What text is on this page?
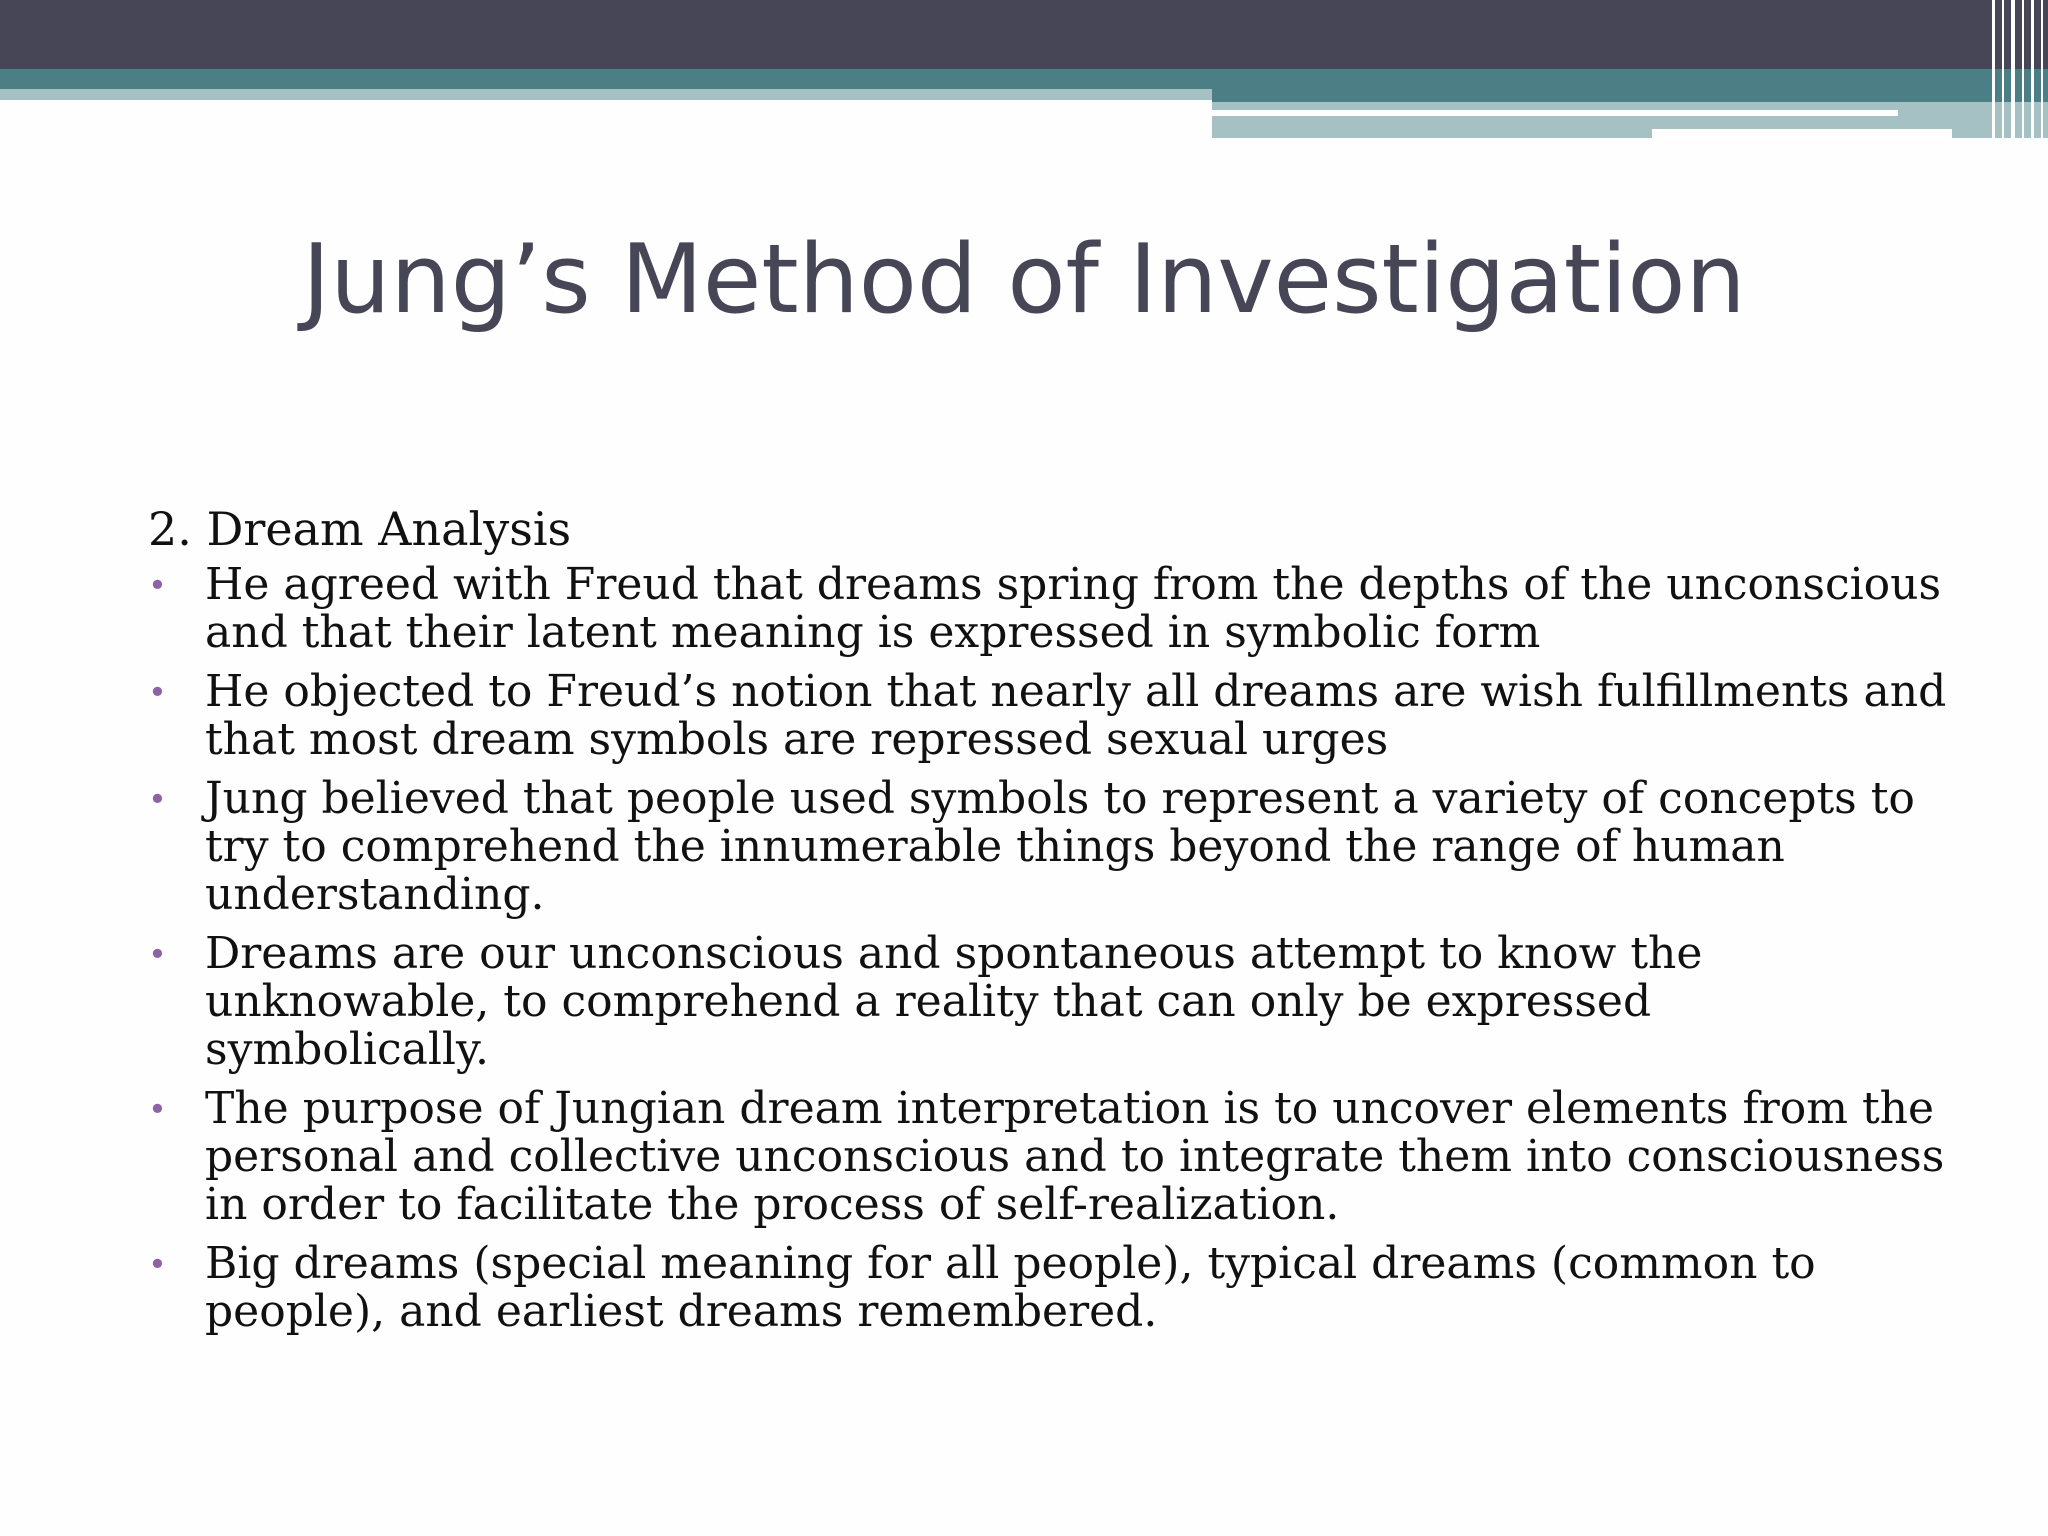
Jung’s Method of Investigation
2. Dream Analysis
• He agreed with Freud that dreams spring from the depths of the unconscious and that their latent meaning is expressed in symbolic form
• He objected to Freud’s notion that nearly all dreams are wish fulfillments and that most dream symbols are repressed sexual urges
• Jung believed that people used symbols to represent a variety of concepts to try to comprehend the innumerable things beyond the range of human understanding.
• Dreams are our unconscious and spontaneous attempt to know the unknowable, to comprehend a reality that can only be expressed symbolically.
• The purpose of Jungian dream interpretation is to uncover elements from the personal and collective unconscious and to integrate them into consciousness in order to facilitate the process of self-realization.
• Big dreams (special meaning for all people), typical dreams (common to people), and earliest dreams remembered.
